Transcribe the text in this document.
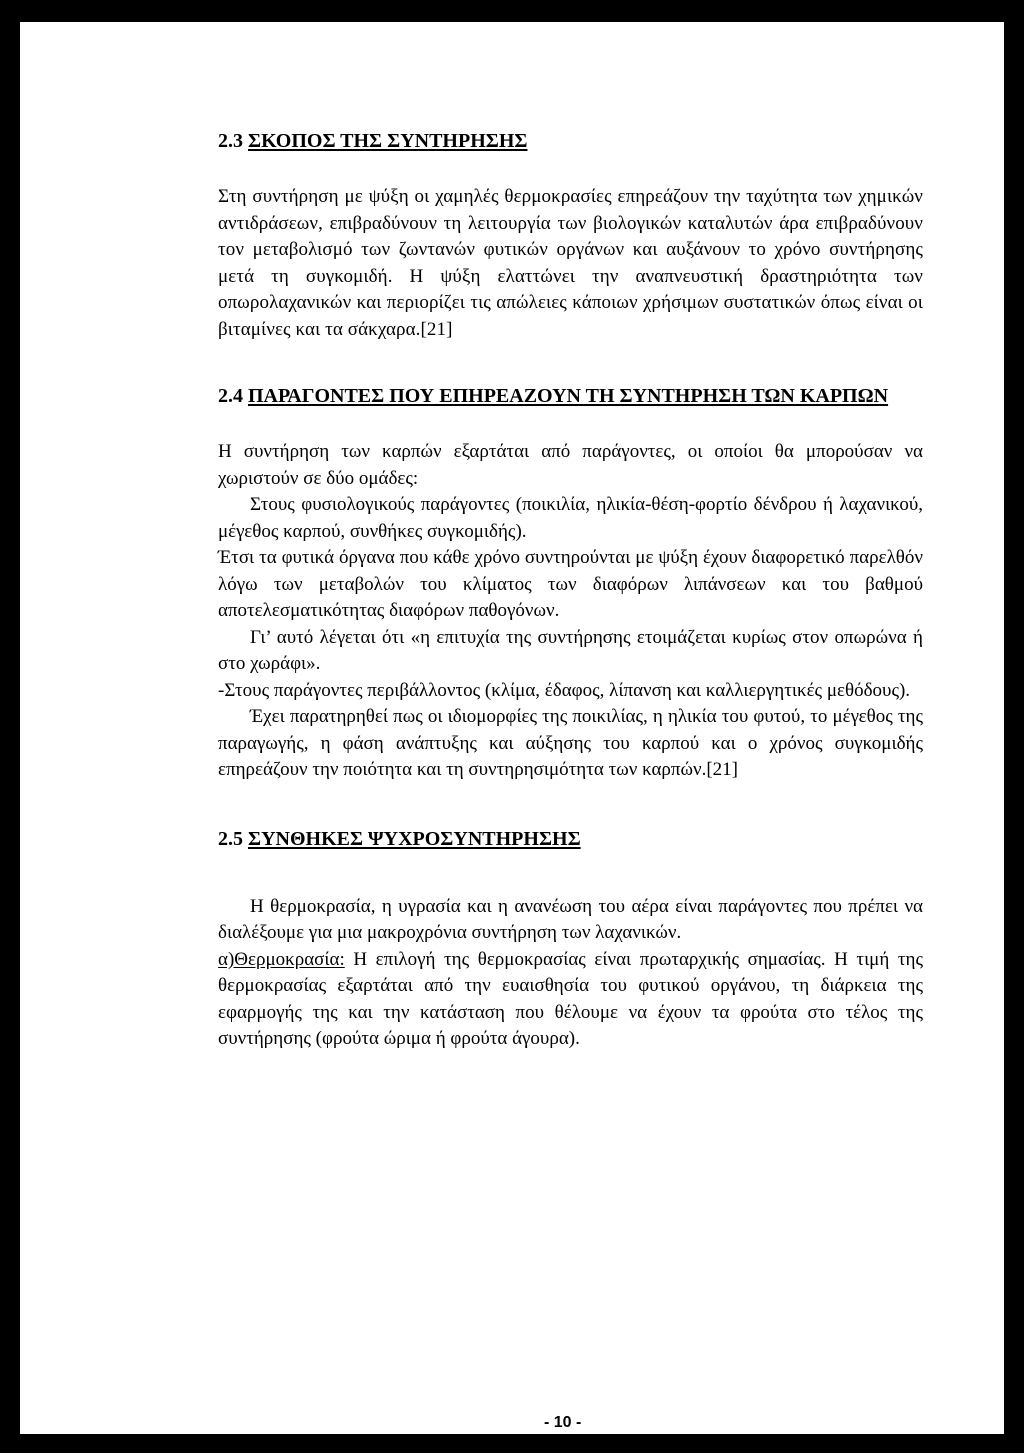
2.3 ΣΚΟΠΟΣ ΤΗΣ ΣΥΝΤΗΡΗΣΗΣ

Στη συντήρηση με ψύξη οι χαμηλές θερμοκρασίες επηρεάζουν την ταχύτητα των χημικών αντιδράσεων, επιβραδύνουν τη λειτουργία των βιολογικών καταλυτών άρα επιβραδύνουν τον μεταβολισμό των ζωντανών φυτικών οργάνων και αυξάνουν το χρόνο συντήρησης μετά τη συγκομιδή. Η ψύξη ελαττώνει την αναπνευστική δραστηριότητα των οπωρολαχανικών και περιορίζει τις απώλειες κάποιων χρήσιμων συστατικών όπως είναι οι βιταμίνες και τα σάκχαρα.[21]

2.4 ΠΑΡΑΓΟΝΤΕΣ ΠΟΥ ΕΠΗΡΕΑΖΟΥΝ ΤΗ ΣΥΝΤΗΡΗΣΗ ΤΩΝ ΚΑΡΠΩΝ

Η συντήρηση των καρπών εξαρτάται από παράγοντες, οι οποίοι θα μπορούσαν να χωριστούν σε δύο ομάδες:

Στους φυσιολογικούς παράγοντες (ποικιλία, ηλικία-θέση-φορτίο δένδρου ή λαχανικού, μέγεθος καρπού, συνθήκες συγκομιδής).

Έτσι τα φυτικά όργανα που κάθε χρόνο συντηρούνται με ψύξη έχουν διαφορετικό παρελθόν λόγω των μεταβολών του κλίματος των διαφόρων λιπάνσεων και του βαθμού αποτελεσματικότητας διαφόρων παθογόνων.

Γι’ αυτό λέγεται ότι «η επιτυχία της συντήρησης ετοιμάζεται κυρίως στον οπωρώνα ή στο χωράφι».

-Στους παράγοντες περιβάλλοντος (κλίμα, έδαφος, λίπανση και καλλιεργητικές μεθόδους).

Έχει παρατηρηθεί πως οι ιδιομορφίες της ποικιλίας, η ηλικία του φυτού, το μέγεθος της παραγωγής, η φάση ανάπτυξης και αύξησης του καρπού και ο χρόνος συγκομιδής επηρεάζουν την ποιότητα και τη συντηρησιμότητα των καρπών.[21]

2.5 ΣΥΝΘΗΚΕΣ ΨΥΧΡΟΣΥΝΤΗΡΗΣΗΣ

Η θερμοκρασία, η υγρασία και η ανανέωση του αέρα είναι παράγοντες που πρέπει να διαλέξουμε για μια μακροχρόνια συντήρηση των λαχανικών.

α)Θερμοκρασία: Η επιλογή της θερμοκρασίας είναι πρωταρχικής σημασίας. Η τιμή της θερμοκρασίας εξαρτάται από την ευαισθησία του φυτικού οργάνου, τη διάρκεια της εφαρμογής της και την κατάσταση που θέλουμε να έχουν τα φρούτα στο τέλος της συντήρησης (φρούτα ώριμα ή φρούτα άγουρα).

- 10 -
